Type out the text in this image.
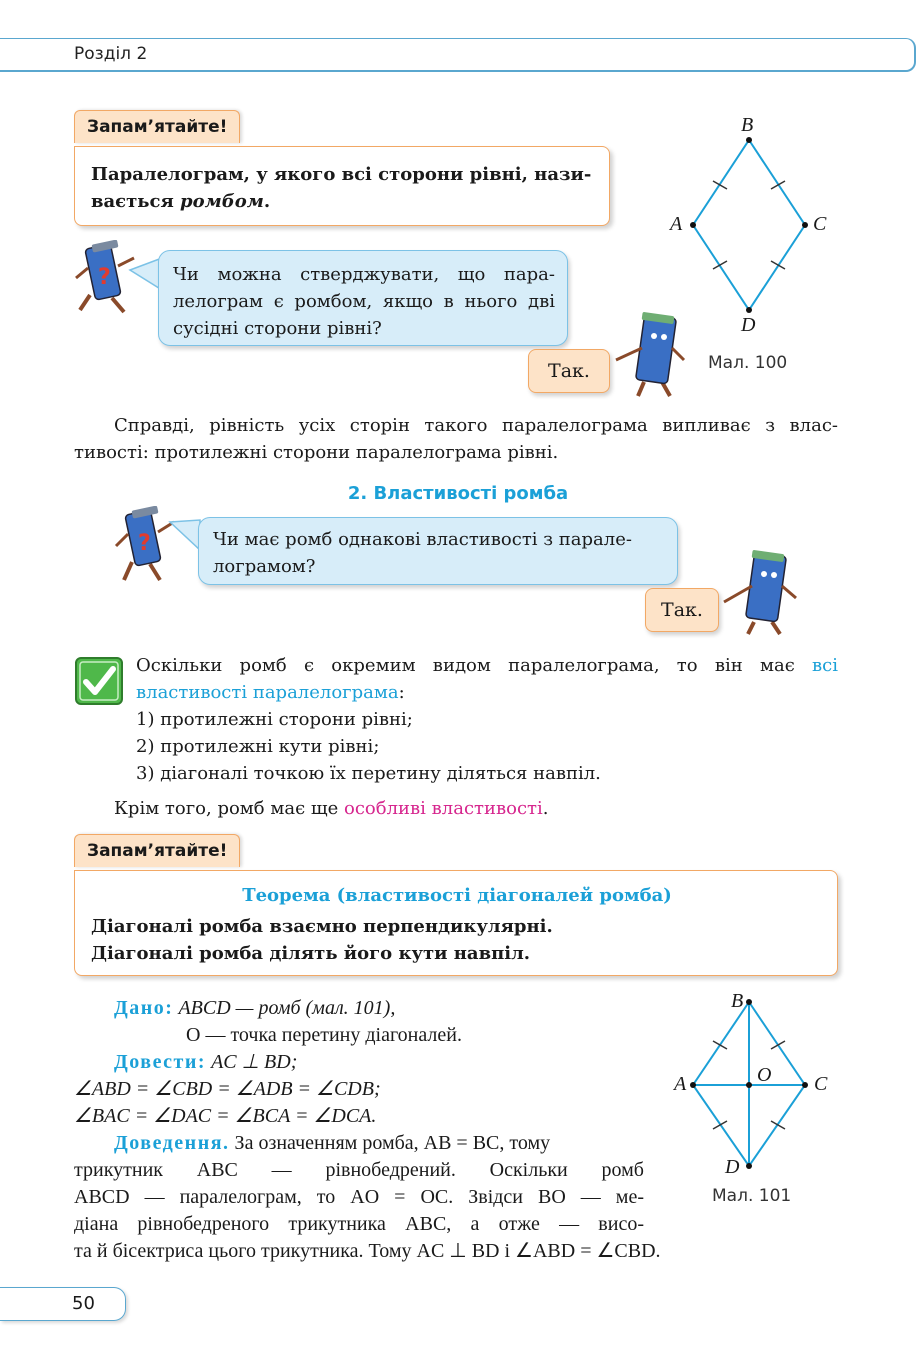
Розділ 2
Запам’ятайте!
Паралелограм, у якого всі сторони рівні, нази-
вається ромбом.
B
A	C
D
Мал. 100
?	Чи можна стверджувати, що пара-
лелограм є ромбом, якщо в нього дві
сусідні сторони рівні?
Так.
Справді, рівність усіх сторін такого паралелограма випливає з влас-
тивості: протилежні сторони паралелограма рівні.
2. Властивості ромба
?	Чи має ромб однакові властивості з парале-
лограмом?
Так.
Оскільки ромб є окремим видом паралелограма, то він має всі
властивості паралелограма:
1) протилежні сторони рівні;
2) протилежні кути рівні;
3) діагоналі точкою їх перетину діляться навпіл.
Крім того, ромб має ще особливі властивості.
Запам’ятайте!
Теорема (властивості діагоналей ромба)
Діагоналі ромба взаємно перпендикулярні.
Діагоналі ромба ділять його кути навпіл.
Дано: ABCD — ромб (мал. 101),
O — точка перетину діагоналей.
Довести: AC ⊥ BD;
∠ABD = ∠CBD = ∠ADB = ∠CDB;
∠BAC = ∠DAC = ∠BCA = ∠DCA.
Доведення. За означенням ромба, AB = BC, тому
трикутник ABC — рівнобедрений. Оскільки ромб
ABCD — паралелограм, то AO = OC. Звідси BO — ме-
діана рівнобедреного трикутника ABC, а отже — висо-
та й бісектриса цього трикутника. Тому AC ⊥ BD і ∠ABD = ∠CBD.
B
A	C
O
D
Мал. 101
50
